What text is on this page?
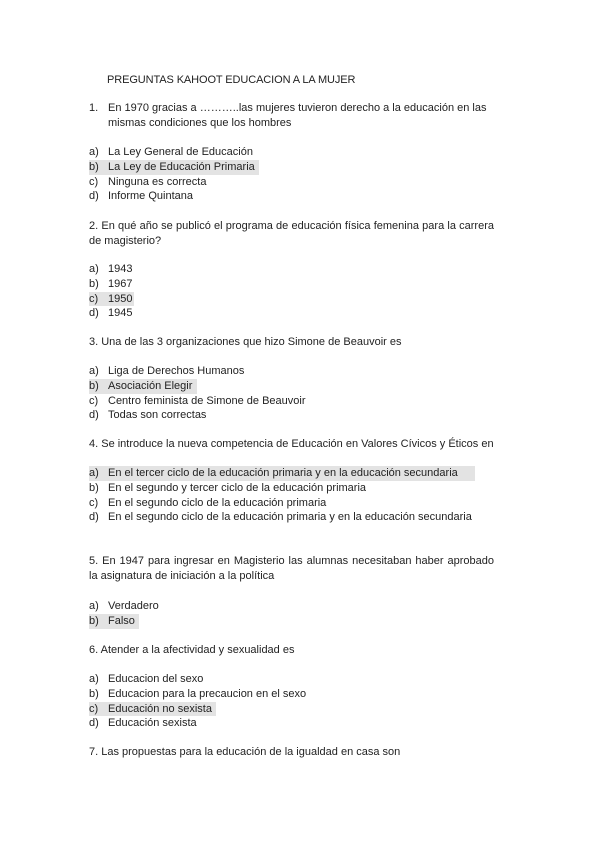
PREGUNTAS KAHOOT EDUCACION A LA MUJER
1. En 1970 gracias a ………..las mujeres tuvieron derecho a la educación en las mismas condiciones que los hombres
a) La Ley General de Educación
b) La Ley de Educación Primaria
c) Ninguna es correcta
d) Informe Quintana
2. En qué año se publicó el programa de educación física femenina para la carrera de magisterio?
a) 1943
b) 1967
c) 1950
d) 1945
3. Una de las 3 organizaciones que hizo Simone de Beauvoir es
a) Liga de Derechos Humanos
b) Asociación Elegir
c) Centro feminista de Simone de Beauvoir
d) Todas son correctas
4. Se introduce la nueva competencia de Educación en Valores Cívicos y Éticos en
a) En el tercer ciclo de la educación primaria y en la educación secundaria
b) En el segundo y tercer ciclo de la educación primaria
c) En el segundo ciclo de la educación primaria
d) En el segundo ciclo de la educación primaria y en la educación secundaria
5. En 1947 para ingresar en Magisterio las alumnas necesitaban haber aprobado la asignatura de iniciación a la política
a) Verdadero
b) Falso
6. Atender a la afectividad y sexualidad es
a) Educacion del sexo
b) Educacion para la precaucion en el sexo
c) Educación no sexista
d) Educación sexista
7. Las propuestas para la educación de la igualdad en casa son
